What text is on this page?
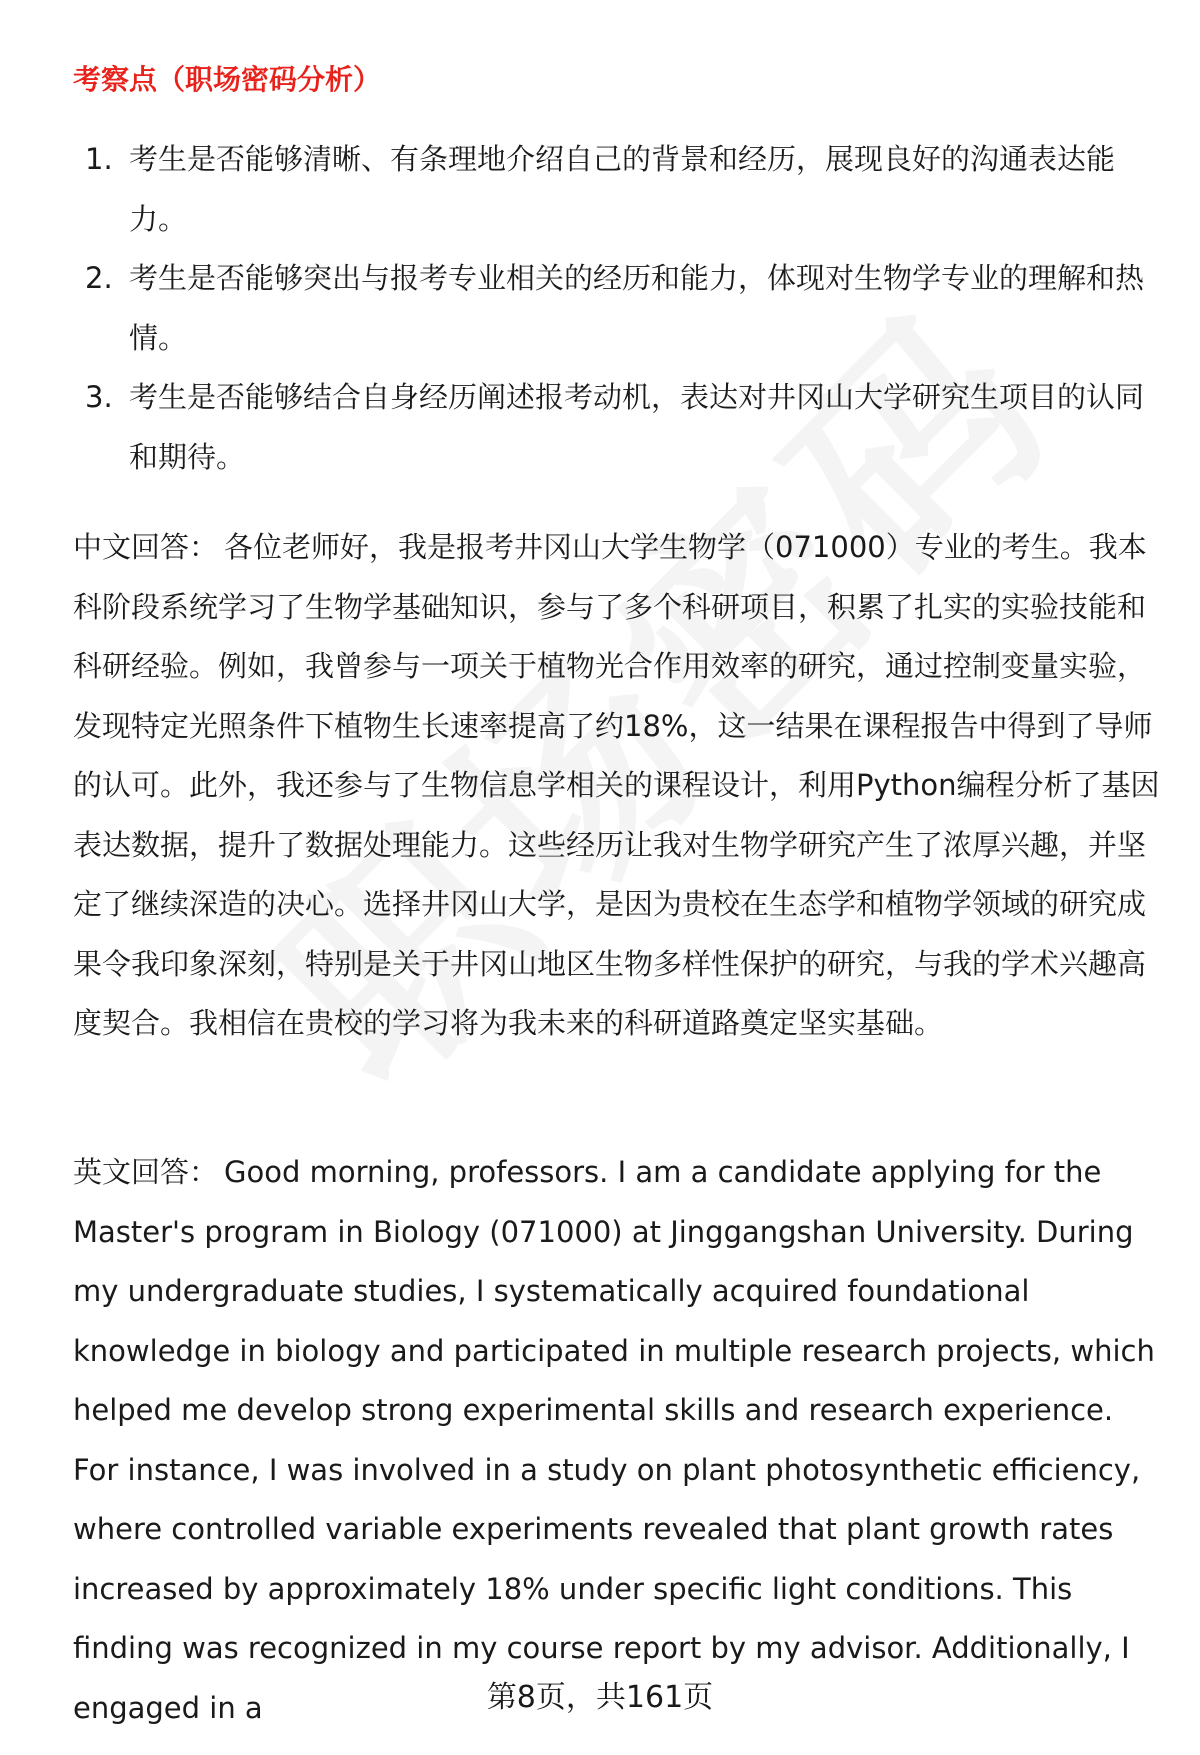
考察点（职场密码分析）
1. 考生是否能够清晰、有条理地介绍自己的背景和经历，展现良好的沟通表达能力。
2. 考生是否能够突出与报考专业相关的经历和能力，体现对生物学专业的理解和热情。
3. 考生是否能够结合自身经历阐述报考动机，表达对井冈山大学研究生项目的认同和期待。

中文回答： 各位老师好，我是报考井冈山大学生物学（071000）专业的考生。我本科阶段系统学习了生物学基础知识，参与了多个科研项目，积累了扎实的实验技能和科研经验。例如，我曾参与一项关于植物光合作用效率的研究，通过控制变量实验，发现特定光照条件下植物生长速率提高了约18%，这一结果在课程报告中得到了导师的认可。此外，我还参与了生物信息学相关的课程设计，利用Python编程分析了基因表达数据，提升了数据处理能力。这些经历让我对生物学研究产生了浓厚兴趣，并坚定了继续深造的决心。选择井冈山大学，是因为贵校在生态学和植物学领域的研究成果令我印象深刻，特别是关于井冈山地区生物多样性保护的研究，与我的学术兴趣高度契合。我相信在贵校的学习将为我未来的科研道路奠定坚实基础。

英文回答： Good morning, professors. I am a candidate applying for the Master's program in Biology (071000) at Jinggangshan University. During my undergraduate studies, I systematically acquired foundational knowledge in biology and participated in multiple research projects, which helped me develop strong experimental skills and research experience. For instance, I was involved in a study on plant photosynthetic efficiency, where controlled variable experiments revealed that plant growth rates increased by approximately 18% under specific light conditions. This finding was recognized in my course report by my advisor. Additionally, I engaged in a	第8页，共161页
